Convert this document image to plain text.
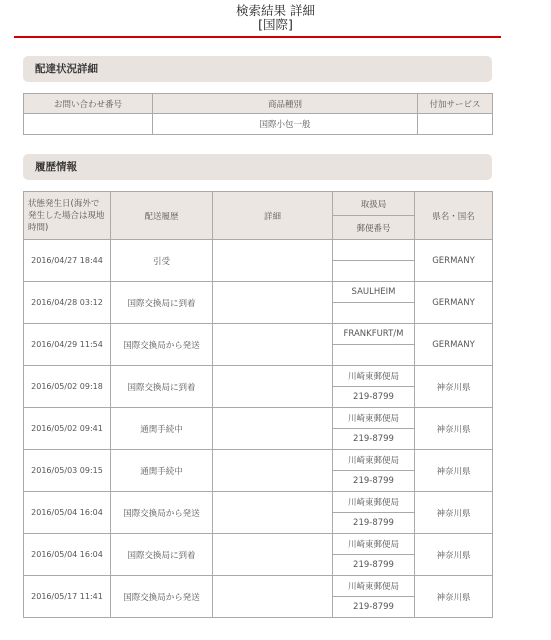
検索結果 詳細
[国際]
配達状況詳細
お問い合わせ番号	商品種別	付加サービス
	国際小包一般	
履歴情報
状態発生日(海外で発生した場合は現地時間)	配送履歴	詳細	取扱局	県名・国名
			郵便番号	
2016/04/27 18:44	引受			GERMANY

2016/04/28 03:12	国際交換局に到着		SAULHEIM	GERMANY

2016/04/29 11:54	国際交換局から発送		FRANKFURT/M	GERMANY

2016/05/02 09:18	国際交換局に到着		川崎東郵便局	神奈川県
			219-8799	
2016/05/02 09:41	通関手続中		川崎東郵便局	神奈川県
			219-8799	
2016/05/03 09:15	通関手続中		川崎東郵便局	神奈川県
			219-8799	
2016/05/04 16:04	国際交換局から発送		川崎東郵便局	神奈川県
			219-8799	
2016/05/04 16:04	国際交換局に到着		川崎東郵便局	神奈川県
			219-8799	
2016/05/17 11:41	国際交換局から発送		川崎東郵便局	神奈川県
			219-8799	
